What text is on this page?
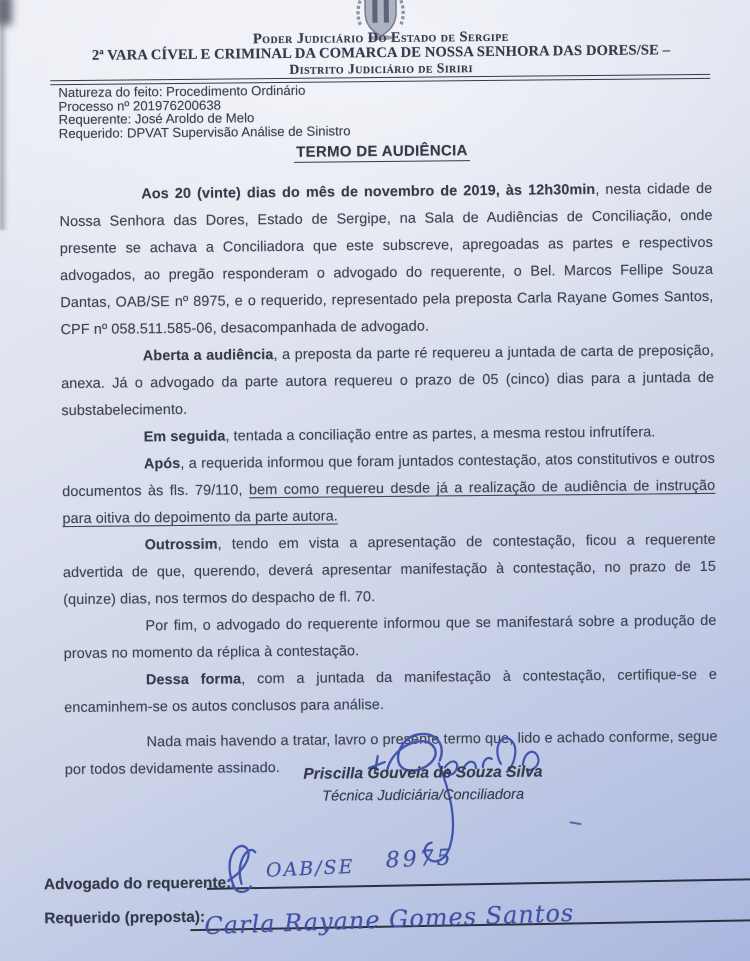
Poder Judiciário Do Estado de Sergipe
2ª VARA CÍVEL E CRIMINAL DA COMARCA DE NOSSA SENHORA DAS DORES/SE –
Distrito Judiciário de Siriri
Natureza do feito: Procedimento Ordinário
Processo nº 201976200638
Requerente: José Aroldo de Melo
Requerido: DPVAT Supervisão Análise de Sinistro
TERMO DE AUDIÊNCIA

Aos 20 (vinte) dias do mês de novembro de 2019, às 12h30min, nesta cidade de Nossa Senhora das Dores, Estado de Sergipe, na Sala de Audiências de Conciliação, onde presente se achava a Conciliadora que este subscreve, apregoadas as partes e respectivos advogados, ao pregão responderam o advogado do requerente, o Bel. Marcos Fellipe Souza Dantas, OAB/SE nº 8975, e o requerido, representado pela preposta Carla Rayane Gomes Santos, CPF nº 058.511.585-06, desacompanhada de advogado.

Aberta a audiência, a preposta da parte ré requereu a juntada de carta de preposição, anexa. Já o advogado da parte autora requereu o prazo de 05 (cinco) dias para a juntada de substabelecimento.

Em seguida, tentada a conciliação entre as partes, a mesma restou infrutífera.

Após, a requerida informou que foram juntados contestação, atos constitutivos e outros documentos às fls. 79/110, bem como requereu desde já a realização de audiência de instrução para oitiva do depoimento da parte autora.

Outrossim, tendo em vista a apresentação de contestação, ficou a requerente advertida de que, querendo, deverá apresentar manifestação à contestação, no prazo de 15 (quinze) dias, nos termos do despacho de fl. 70.

Por fim, o advogado do requerente informou que se manifestará sobre a produção de provas no momento da réplica à contestação.

Dessa forma, com a juntada da manifestação à contestação, certifique-se e encaminhem-se os autos conclusos para análise.

Nada mais havendo a tratar, lavro o presente termo que, lido e achado conforme, segue por todos devidamente assinado.	Priscilla Gouveia de Souza Silva
Técnica Judiciária/Conciliadora
Advogado do requerente:
OAB/SE 8975
Requerido (preposta):
Carla Rayane Gomes Santos
